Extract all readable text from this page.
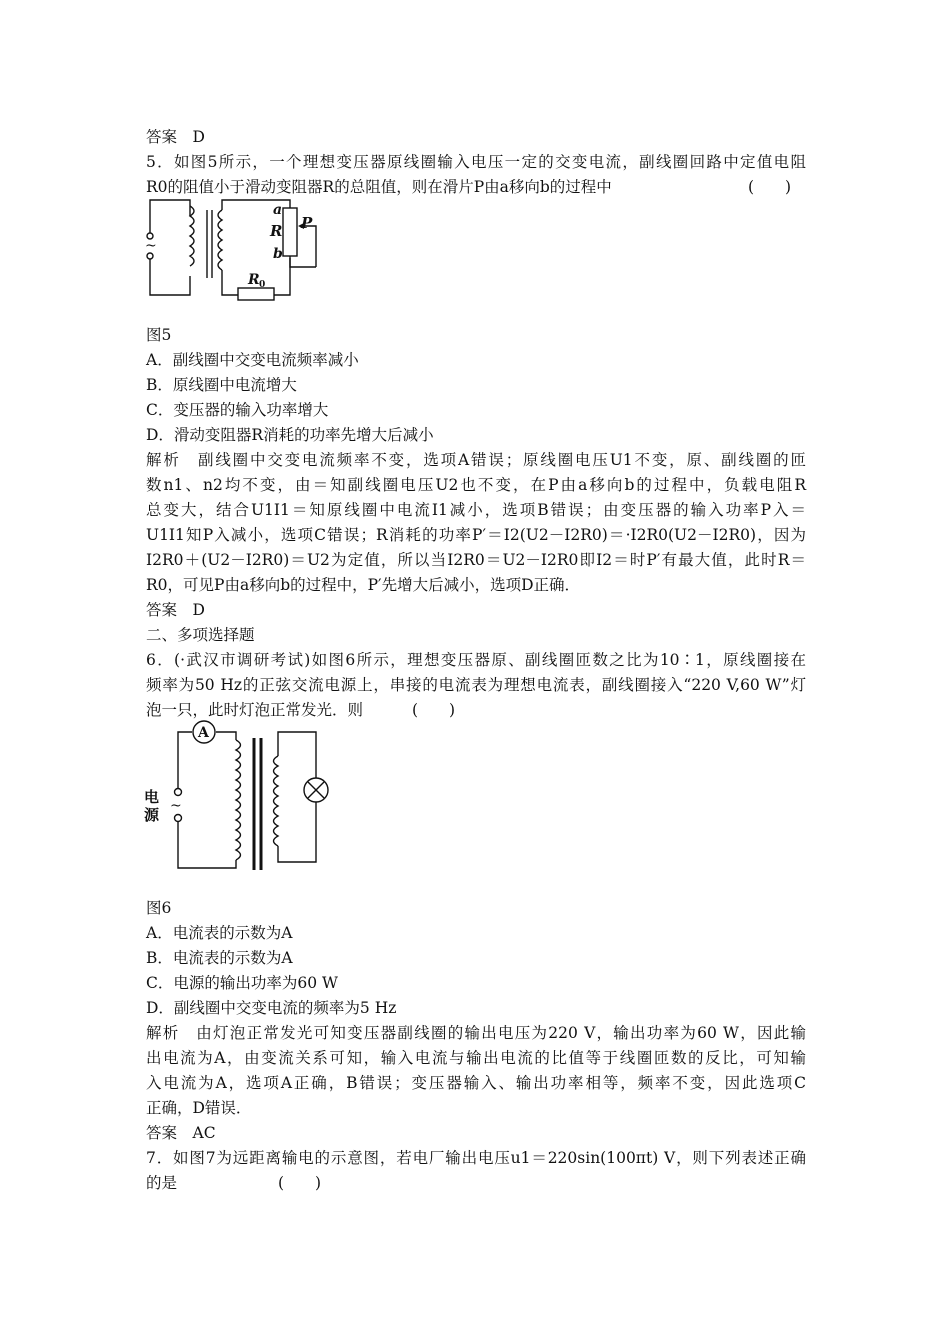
答案　D
5．如图5所示，一个理想变压器原线圈输入电压一定的交变电流，副线圈回路中定值电阻
R0的阻值小于滑动变阻器R的总阻值，则在滑片P由a移向b的过程中	(　　)
~
a
R P
b
R 0
图5
A．副线圈中交变电流频率减小
B．原线圈中电流增大
C．变压器的输入功率增大
D．滑动变阻器R消耗的功率先增大后减小
解析　副线圈中交变电流频率不变，选项A错误；原线圈电压U1不变，原、副线圈的匝
数n1、n2均不变，由＝知副线圈电压U2也不变，在P由a移向b的过程中，负载电阻R
总变大，结合U1I1＝知原线圈中电流I1减小，选项B错误；由变压器的输入功率P入＝
U1I1知P入减小，选项C错误；R消耗的功率P′＝I2(U2－I2R0)＝·I2R0(U2－I2R0)，因为
I2R0＋(U2－I2R0)＝U2为定值，所以当I2R0＝U2－I2R0即I2＝时P′有最大值，此时R＝
R0，可见P由a移向b的过程中，P′先增大后减小，选项D正确．
答案　D
二、多项选择题
6．(·武汉市调研考试)如图6所示，理想变压器原、副线圈匝数之比为10∶1，原线圈接在
频率为50 Hz的正弦交流电源上，串接的电流表为理想电流表，副线圈接入“220 V,60 W”灯
泡一只，此时灯泡正常发光．则	(　　)
A
~
电
源
图6
A．电流表的示数为A
B．电流表的示数为A
C．电源的输出功率为60 W
D．副线圈中交变电流的频率为5 Hz
解析　由灯泡正常发光可知变压器副线圈的输出电压为220 V，输出功率为60 W，因此输
出电流为A，由变流关系可知，输入电流与输出电流的比值等于线圈匝数的反比，可知输
入电流为A，选项A正确，B错误；变压器输入、输出功率相等，频率不变，因此选项C
正确，D错误．
答案　AC
7．如图7为远距离输电的示意图，若电厂输出电压u1＝220sin(100πt) V，则下列表述正确
的是	(　　)
